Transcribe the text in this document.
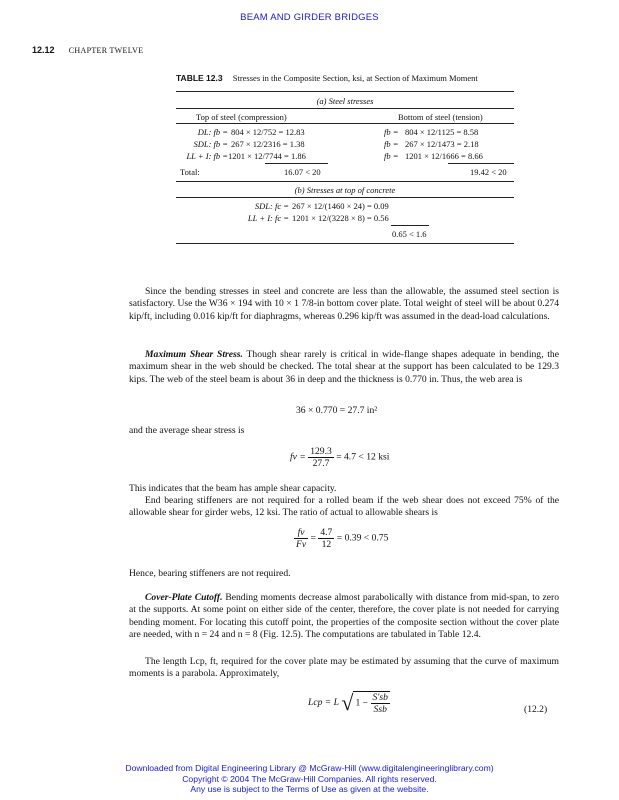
BEAM AND GIRDER BRIDGES
12.12 CHAPTER TWELVE
TABLE 12.3 Stresses in the Composite Section, ksi, at Section of Maximum Moment
(a) Steel stresses
Top of steel (compression)	Bottom of steel (tension)
DL: fb = 804 × 12/752 = 12.83	fb = 804 × 12/1125 = 8.58
SDL: fb = 267 × 12/2316 = 1.38	fb = 267 × 12/1473 = 2.18
LL + I: fb = 1201 × 12/7744 = 1.86	fb = 1201 × 12/1666 = 8.66
Total:	16.07 < 20	19.42 < 20
(b) Stresses at top of concrete
SDL: fc = 267 × 12/(1460 × 24) = 0.09
LL + I: fc = 1201 × 12/(3228 × 8) = 0.56
0.65 < 1.6
Since the bending stresses in steel and concrete are less than the allowable, the assumed steel section is satisfactory. Use the W36 × 194 with 10 × 1 7/8-in bottom cover plate. Total weight of steel will be about 0.274 kip/ft, including 0.016 kip/ft for diaphragms, whereas 0.296 kip/ft was assumed in the dead-load calculations.
Maximum Shear Stress. Though shear rarely is critical in wide-flange shapes adequate in bending, the maximum shear in the web should be checked. The total shear at the support has been calculated to be 129.3 kips. The web of the steel beam is about 36 in deep and the thickness is 0.770 in. Thus, the web area is
36 × 0.770 = 27.7 in²
and the average shear stress is
fv = $\frac{129.3}{27.7} = 4.7 < 12$ ksi
This indicates that the beam has ample shear capacity.
End bearing stiffeners are not required for a rolled beam if the web shear does not exceed 75% of the allowable shear for girder webs, 12 ksi. The ratio of actual to allowable shears is
$\frac{fv}{Fv} = \frac{4.7}{12} = 0.39 < 0.75$
Hence, bearing stiffeners are not required.
Cover-Plate Cutoff. Bending moments decrease almost parabolically with distance from mid-span, to zero at the supports. At some point on either side of the center, therefore, the cover plate is not needed for carrying bending moment. For locating this cutoff point, the properties of the composite section without the cover plate are needed, with n = 24 and n = 8 (Fig. 12.5). The computations are tabulated in Table 12.4.
The length Lcp, ft, required for the cover plate may be estimated by assuming that the curve of maximum moments is a parabola. Approximately,
Lcp = L √ $1 - \frac{S'sb}{\text{Ssb}}$	(12.2)
Downloaded from Digital Engineering Library @ McGraw-Hill (www.digitalengineeringlibrary.com)
Copyright © 2004 The McGraw-Hill Companies. All rights reserved.
Any use is subject to the Terms of Use as given at the website.
